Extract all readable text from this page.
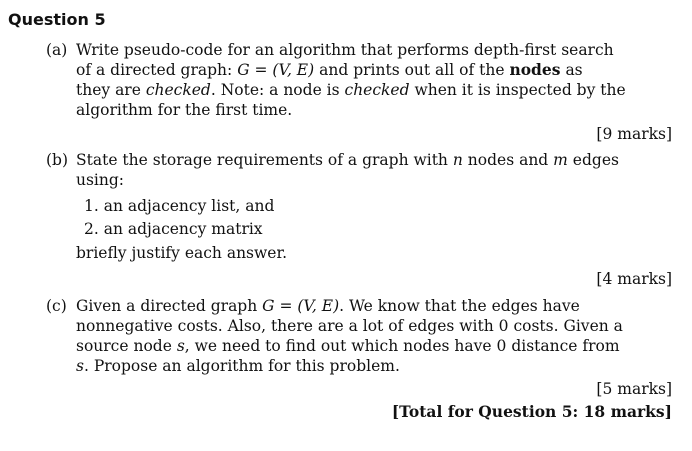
Question 5
(a) Write pseudo-code for an algorithm that performs depth-first search
of a directed graph: G = (V, E) and prints out all of the nodes as
they are checked. Note: a node is checked when it is inspected by the
algorithm for the first time.
[9 marks]
(b) State the storage requirements of a graph with n nodes and m edges
using:
1. an adjacency list, and
2. an adjacency matrix
briefly justify each answer.
[4 marks]
(c) Given a directed graph G = (V, E). We know that the edges have
nonnegative costs. Also, there are a lot of edges with 0 costs. Given a
source node s, we need to find out which nodes have 0 distance from
s. Propose an algorithm for this problem.
[5 marks]
[Total for Question 5: 18 marks]
